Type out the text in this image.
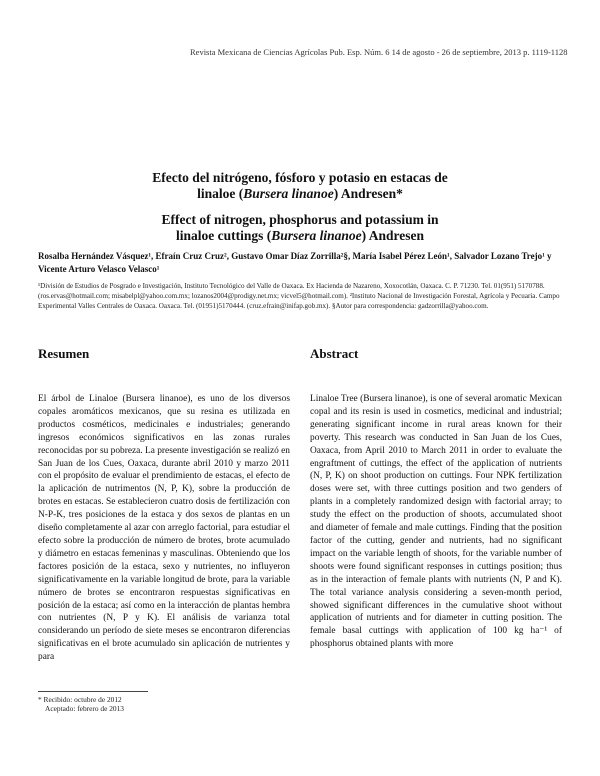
Revista Mexicana de Ciencias Agrícolas Pub. Esp. Núm. 6 14 de agosto - 26 de septiembre, 2013 p. 1119-1128
Efecto del nitrógeno, fósforo y potasio en estacas de
linaloe (Bursera linanoe) Andresen*
Effect of nitrogen, phosphorus and potassium in
linaloe cuttings (Bursera linanoe) Andresen
Rosalba Hernández Vásquez¹, Efraín Cruz Cruz², Gustavo Omar Díaz Zorrilla²§, María Isabel Pérez León¹, Salvador Lozano Trejo¹ y Vicente Arturo Velasco Velasco¹
¹División de Estudios de Posgrado e Investigación, Instituto Tecnológico del Valle de Oaxaca. Ex Hacienda de Nazareno, Xoxocotlán, Oaxaca. C. P. 71230. Tel. 01(951) 5170788. (ros.ervas@hotmail.com; misabelpl@yahoo.com.mx; lozanos2004@prodigy.net.mx; vicvel5@hotmail.com). ²Instituto Nacional de Investigación Forestal, Agrícola y Pecuaria. Campo Experimental Valles Centrales de Oaxaca. Oaxaca. Tel. (01951)5170444. (cruz.efrain@inifap.gob.mx). §Autor para correspondencia: gadzorrilla@yahoo.com.
Resumen	Abstract
El árbol de Linaloe (Bursera linanoe), es uno de los diversos copales aromáticos mexicanos, que su resina es utilizada en productos cosméticos, medicinales e industriales; generando ingresos económicos significativos en las zonas rurales reconocidas por su pobreza. La presente investigación se realizó en San Juan de los Cues, Oaxaca, durante abril 2010 y marzo 2011 con el propósito de evaluar el prendimiento de estacas, el efecto de la aplicación de nutrimentos (N, P, K), sobre la producción de brotes en estacas. Se establecieron cuatro dosis de fertilización con N-P-K, tres posiciones de la estaca y dos sexos de plantas en un diseño completamente al azar con arreglo factorial, para estudiar el efecto sobre la producción de número de brotes, brote acumulado y diámetro en estacas femeninas y masculinas. Obteniendo que los factores posición de la estaca, sexo y nutrientes, no influyeron significativamente en la variable longitud de brote, para la variable número de brotes se encontraron respuestas significativas en posición de la estaca; así como en la interacción de plantas hembra con nutrientes (N, P y K). El análisis de varianza total considerando un período de siete meses se encontraron diferencias significativas en el brote acumulado sin aplicación de nutrientes y para
Linaloe Tree (Bursera linanoe), is one of several aromatic Mexican copal and its resin is used in cosmetics, medicinal and industrial; generating significant income in rural areas known for their poverty. This research was conducted in San Juan de los Cues, Oaxaca, from April 2010 to March 2011 in order to evaluate the engraftment of cuttings, the effect of the application of nutrients (N, P, K) on shoot production on cuttings. Four NPK fertilization doses were set, with three cuttings position and two genders of plants in a completely randomized design with factorial array; to study the effect on the production of shoots, accumulated shoot and diameter of female and male cuttings. Finding that the position factor of the cutting, gender and nutrients, had no significant impact on the variable length of shoots, for the variable number of shoots were found significant responses in cuttings position; thus as in the interaction of female plants with nutrients (N, P and K). The total variance analysis considering a seven-month period, showed significant differences in the cumulative shoot without application of nutrients and for diameter in cutting position. The female basal cuttings with application of 100 kg ha⁻¹ of phosphorus obtained plants with more
* Recibido: octubre de 2012
Aceptado: febrero de 2013
